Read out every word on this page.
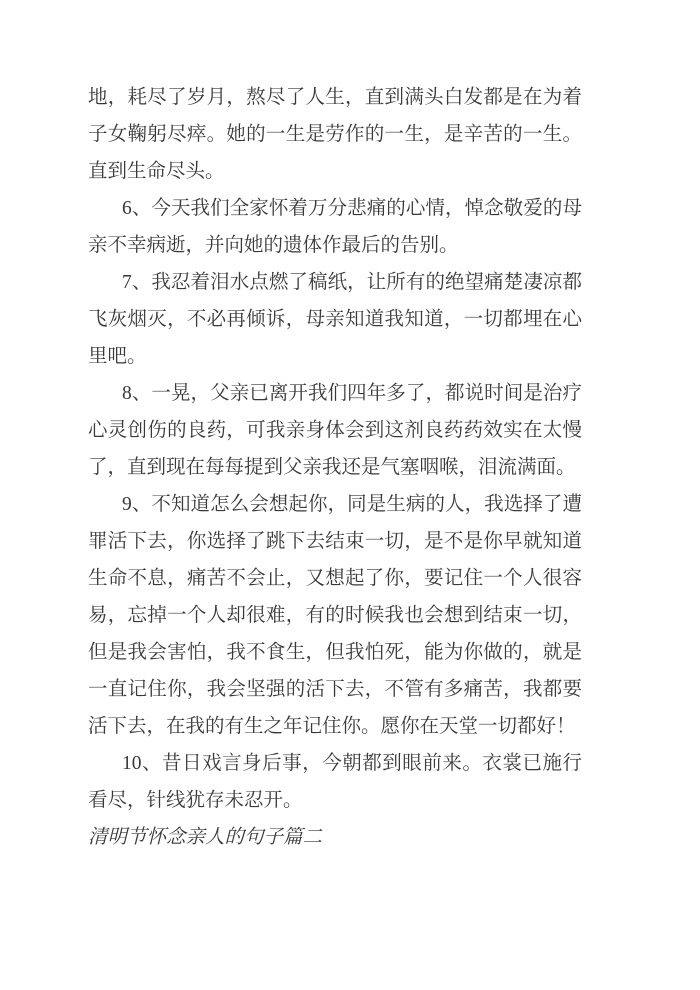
地，耗尽了岁月，熬尽了人生，直到满头白发都是在为着子女鞠躬尽瘁。她的一生是劳作的一生，是辛苦的一生。直到生命尽头。

6、今天我们全家怀着万分悲痛的心情，悼念敬爱的母亲不幸病逝，并向她的遗体作最后的告别。

7、我忍着泪水点燃了稿纸，让所有的绝望痛楚凄凉都飞灰烟灭，不必再倾诉，母亲知道我知道，一切都埋在心里吧。

8、一晃，父亲已离开我们四年多了，都说时间是治疗心灵创伤的良药，可我亲身体会到这剂良药药效实在太慢了，直到现在每每提到父亲我还是气塞咽喉，泪流满面。

9、不知道怎么会想起你，同是生病的人，我选择了遭罪活下去，你选择了跳下去结束一切，是不是你早就知道生命不息，痛苦不会止，又想起了你，要记住一个人很容易，忘掉一个人却很难，有的时候我也会想到结束一切，但是我会害怕，我不食生，但我怕死，能为你做的，就是一直记住你，我会坚强的活下去，不管有多痛苦，我都要活下去，在我的有生之年记住你。愿你在天堂一切都好！

10、昔日戏言身后事，今朝都到眼前来。衣裳已施行看尽，针线犹存未忍开。

清明节怀念亲人的句子篇二
